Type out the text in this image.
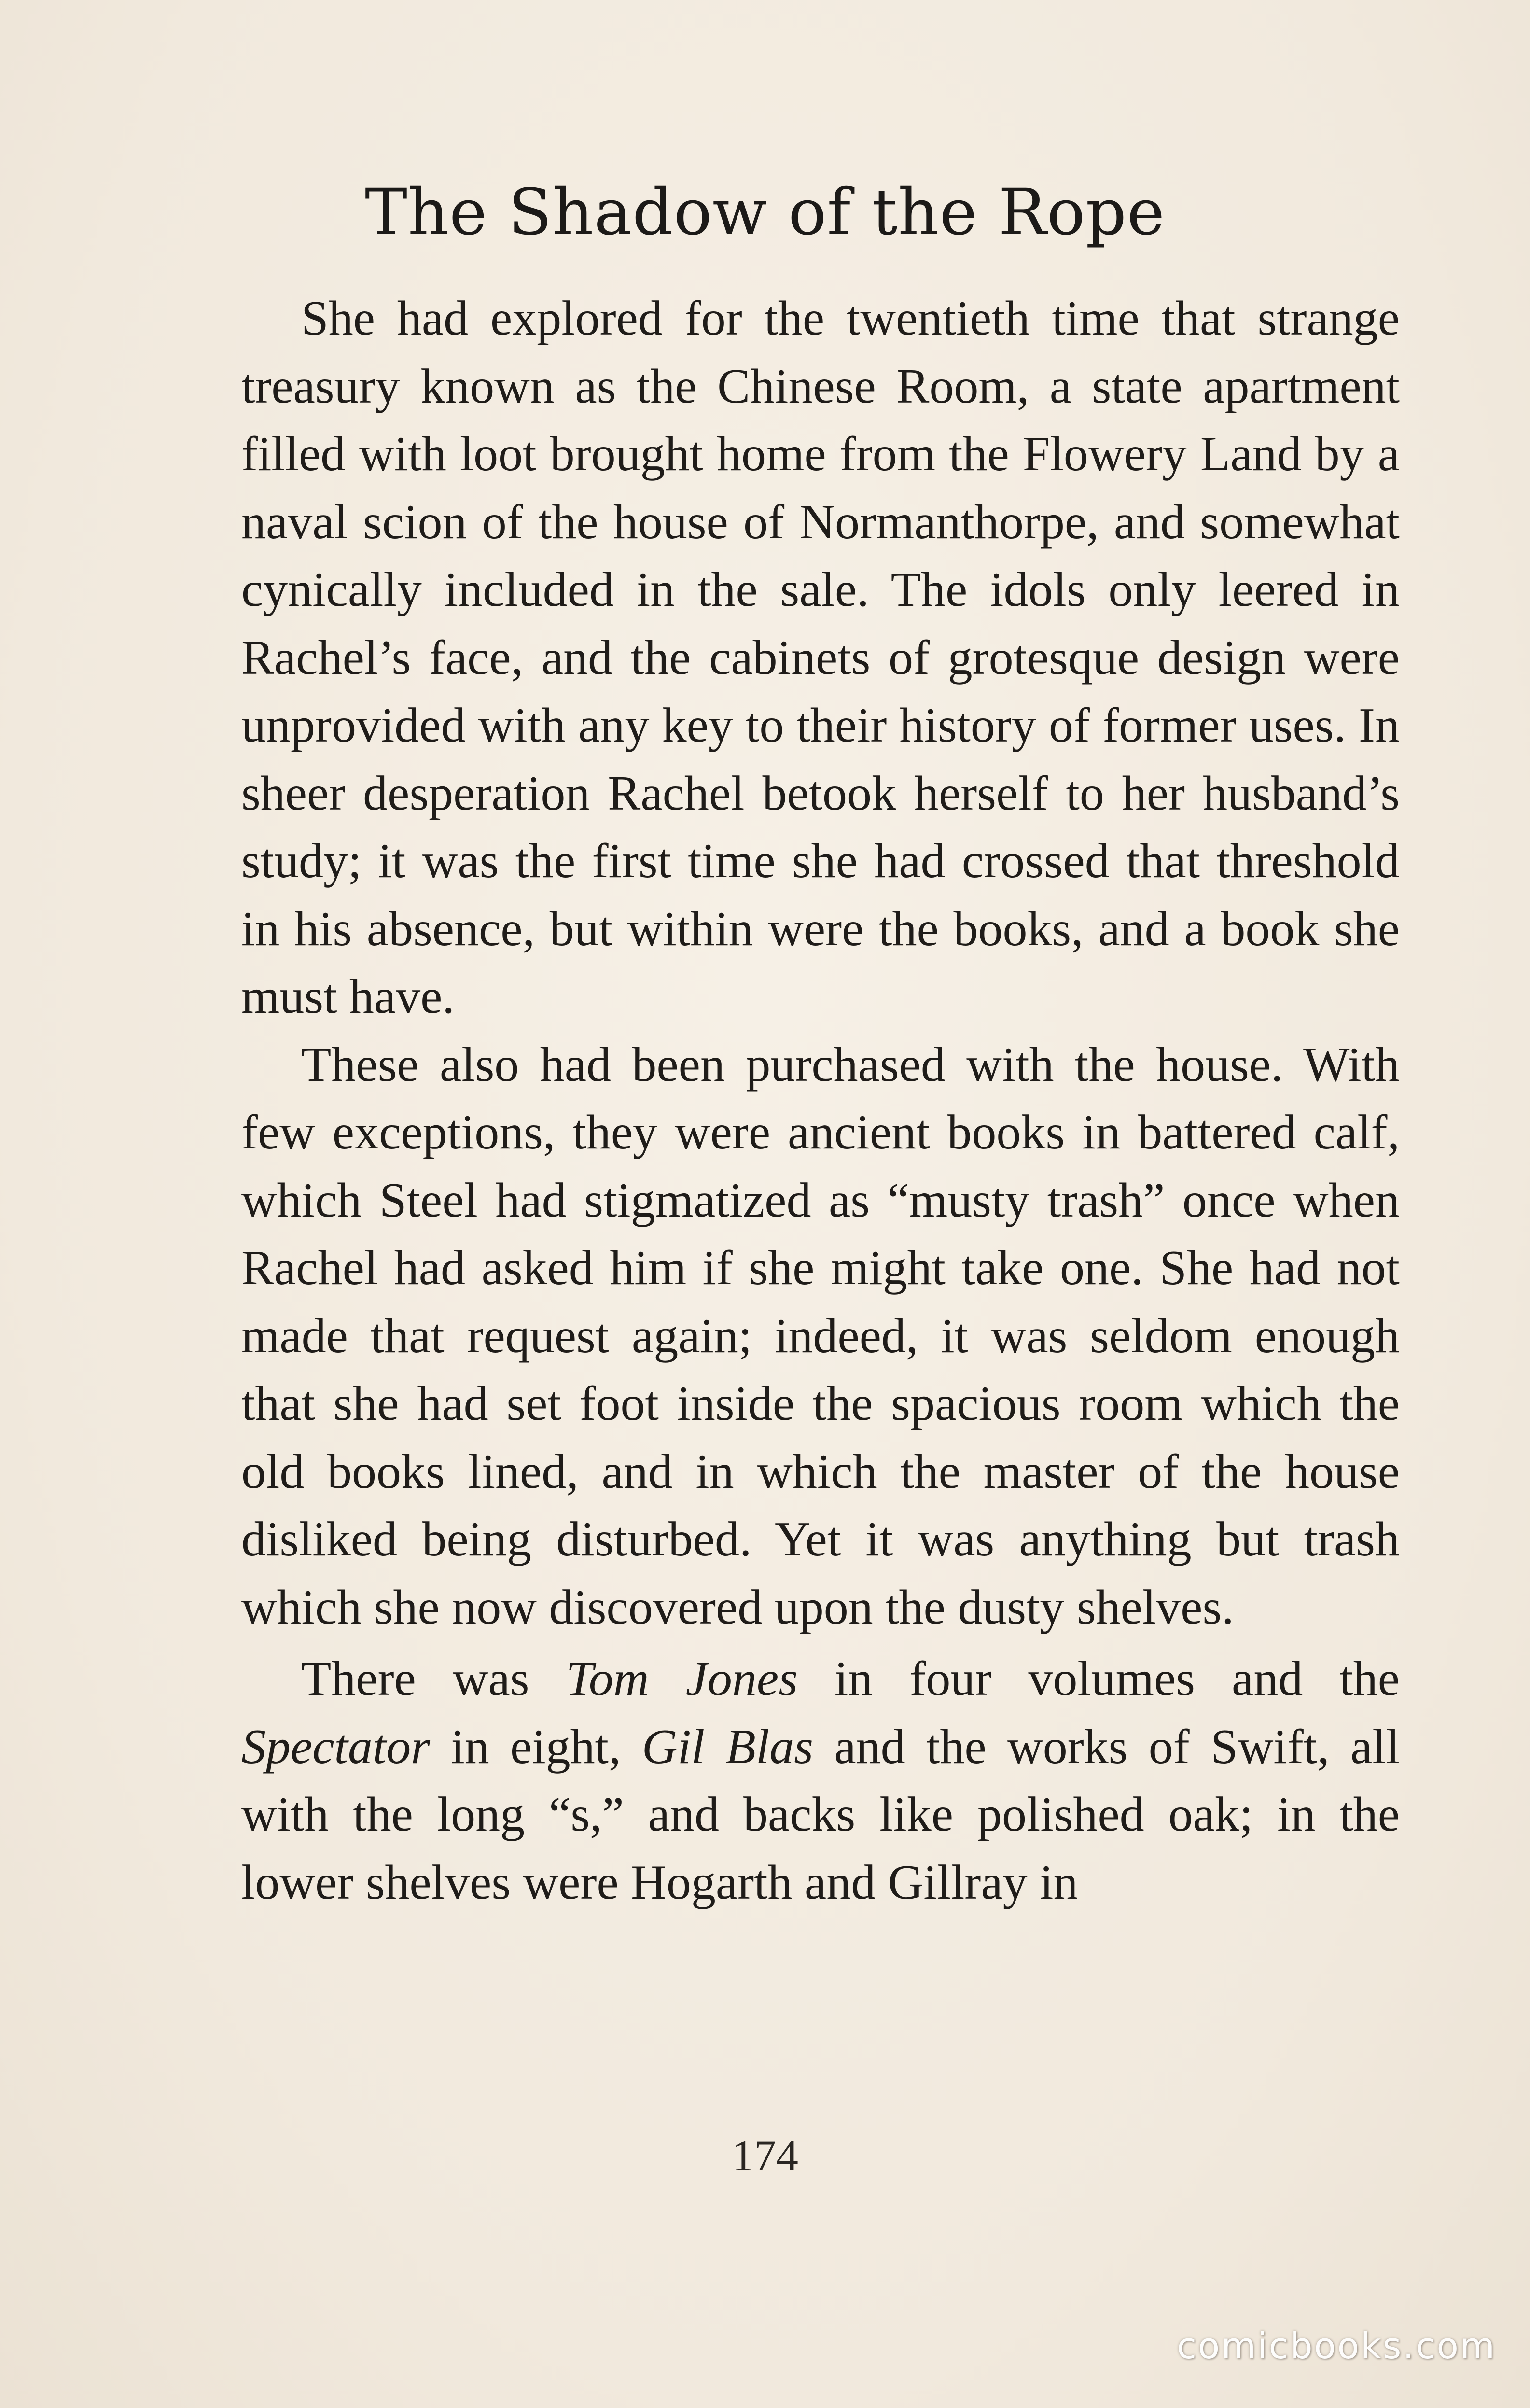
The Shadow of the Rope

She had explored for the twentieth time that strange treasury known as the Chinese Room, a state apartment filled with loot brought home from the Flowery Land by a naval scion of the house of Normanthorpe, and somewhat cynically included in the sale. The idols only leered in Rachel’s face, and the cabinets of grotesque design were unprovided with any key to their history of former uses. In sheer desperation Rachel betook herself to her husband’s study; it was the first time she had crossed that threshold in his absence, but within were the books, and a book she must have.

These also had been purchased with the house. With few exceptions, they were ancient books in battered calf, which Steel had stigmatized as “musty trash” once when Rachel had asked him if she might take one. She had not made that request again; indeed, it was seldom enough that she had set foot inside the spacious room which the old books lined, and in which the master of the house disliked being disturbed. Yet it was anything but trash which she now discovered upon the dusty shelves.

There was Tom Jones in four volumes and the Spectator in eight, Gil Blas and the works of Swift, all with the long “s,” and backs like polished oak; in the lower shelves were Hogarth and Gillray in

174
comicbooks.com
